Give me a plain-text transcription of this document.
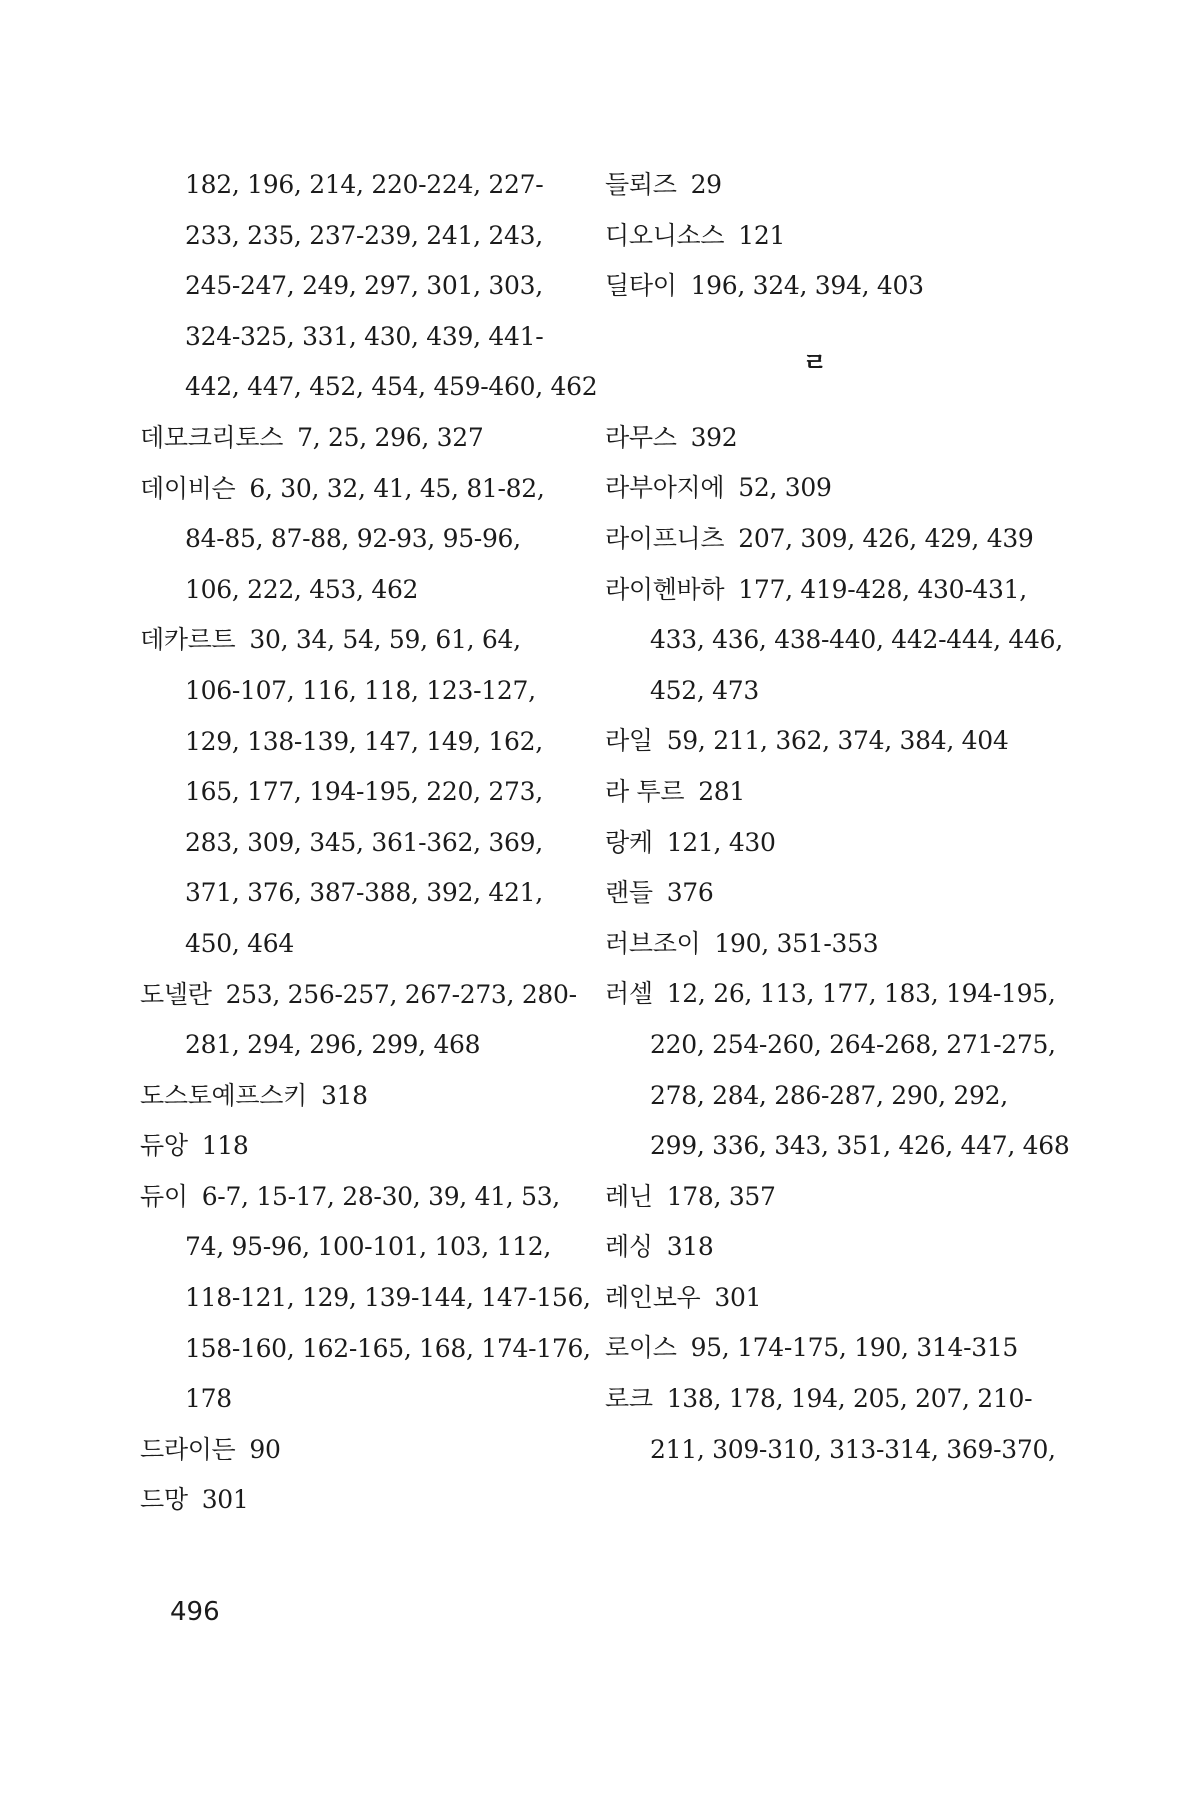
182, 196, 214, 220-224, 227-
233, 235, 237-239, 241, 243,
245-247, 249, 297, 301, 303,
324-325, 331, 430, 439, 441-
442, 447, 452, 454, 459-460, 462
데모크리토스 7, 25, 296, 327
데이비슨 6, 30, 32, 41, 45, 81-82,
84-85, 87-88, 92-93, 95-96,
106, 222, 453, 462
데카르트 30, 34, 54, 59, 61, 64,
106-107, 116, 118, 123-127,
129, 138-139, 147, 149, 162,
165, 177, 194-195, 220, 273,
283, 309, 345, 361-362, 369,
371, 376, 387-388, 392, 421,
450, 464
도넬란 253, 256-257, 267-273, 280-
281, 294, 296, 299, 468
도스토예프스키 318
듀앙 118
듀이 6-7, 15-17, 28-30, 39, 41, 53,
74, 95-96, 100-101, 103, 112,
118-121, 129, 139-144, 147-156,
158-160, 162-165, 168, 174-176,
178
드라이든 90
드망 301
들뢰즈 29
디오니소스 121
딜타이 196, 324, 394, 403
ㄹ
라무스 392
라부아지에 52, 309
라이프니츠 207, 309, 426, 429, 439
라이헨바하 177, 419-428, 430-431,
433, 436, 438-440, 442-444, 446,
452, 473
라일 59, 211, 362, 374, 384, 404
라 투르 281
랑케 121, 430
랜들 376
러브조이 190, 351-353
러셀 12, 26, 113, 177, 183, 194-195,
220, 254-260, 264-268, 271-275,
278, 284, 286-287, 290, 292,
299, 336, 343, 351, 426, 447, 468
레닌 178, 357
레싱 318
레인보우 301
로이스 95, 174-175, 190, 314-315
로크 138, 178, 194, 205, 207, 210-
211, 309-310, 313-314, 369-370,
496
